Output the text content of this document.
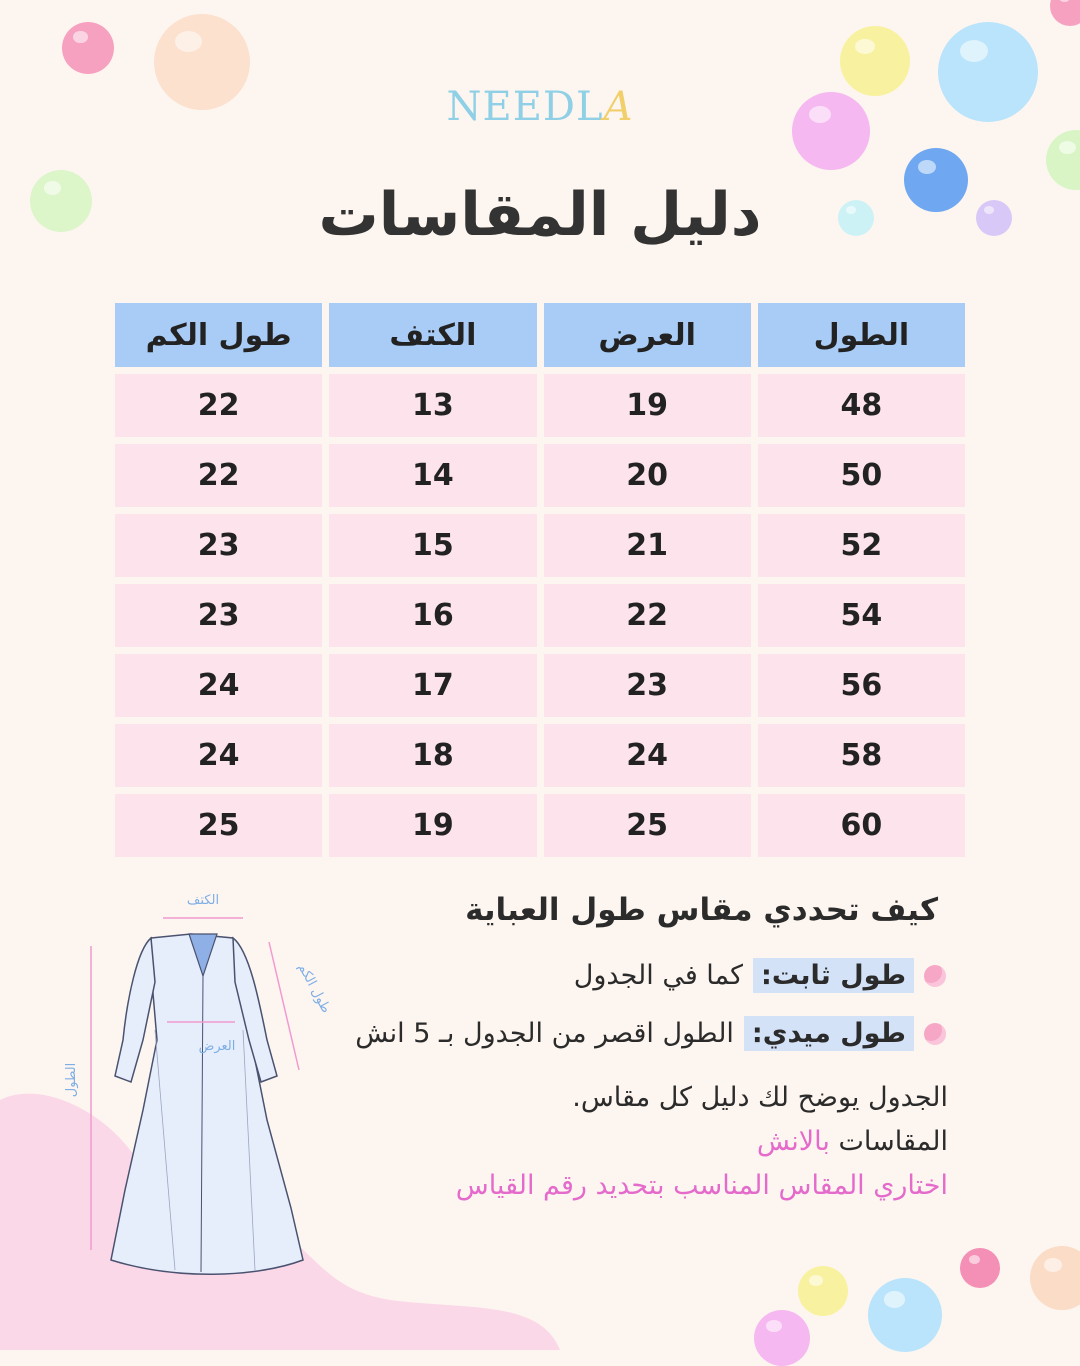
NEEDLA
دليل المقاسات
الطول	العرض	الكتف	طول الكم
48	19	13	22
50	20	14	22
52	21	15	23
54	22	16	23
56	23	17	24
58	24	18	24
60	25	19	25
كيف تحددي مقاس طول العباية
طول ثابت:
كما في الجدول
طول ميدي:
الطول اقصر من الجدول بـ 5 انش
الجدول يوضح لك دليل كل مقاس.
المقاسات بالانش
اختاري المقاس المناسب بتحديد رقم القياس
الكتف
العرض
الطول
طول الكم
